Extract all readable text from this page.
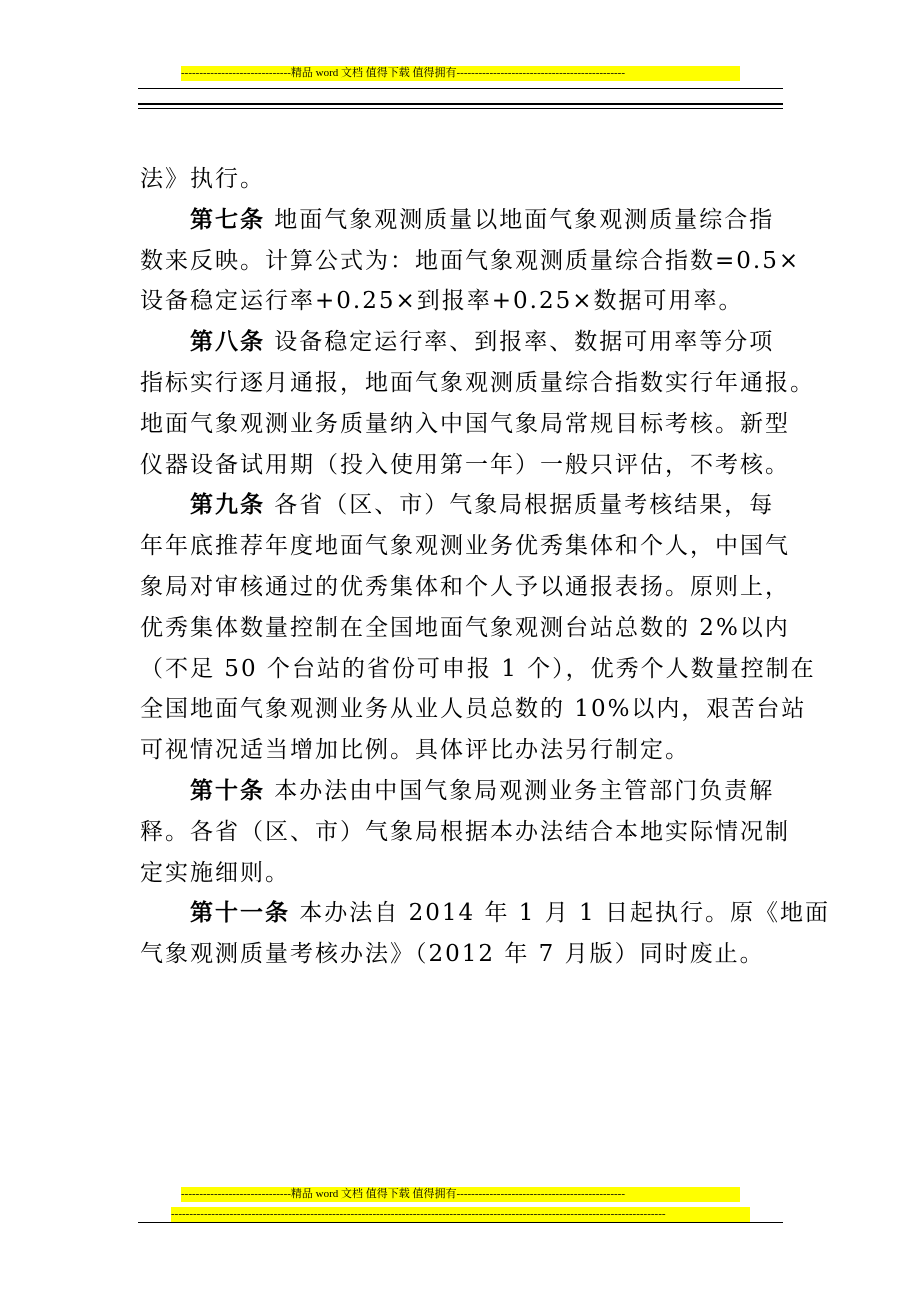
------------------------------精品 word 文档 值得下载 值得拥有----------------------------------------------
法》执行。
第七条 地面气象观测质量以地面气象观测质量综合指
数来反映。计算公式为：地面气象观测质量综合指数=0.5×
设备稳定运行率+0.25×到报率+0.25×数据可用率。
第八条 设备稳定运行率、到报率、数据可用率等分项
指标实行逐月通报，地面气象观测质量综合指数实行年通报。
地面气象观测业务质量纳入中国气象局常规目标考核。新型
仪器设备试用期（投入使用第一年）一般只评估，不考核。
第九条 各省（区、市）气象局根据质量考核结果，每
年年底推荐年度地面气象观测业务优秀集体和个人，中国气
象局对审核通过的优秀集体和个人予以通报表扬。原则上，
优秀集体数量控制在全国地面气象观测台站总数的 2%以内
（不足 50 个台站的省份可申报 1 个），优秀个人数量控制在
全国地面气象观测业务从业人员总数的 10%以内，艰苦台站
可视情况适当增加比例。具体评比办法另行制定。
第十条 本办法由中国气象局观测业务主管部门负责解
释。各省（区、市）气象局根据本办法结合本地实际情况制
定实施细则。
第十一条 本办法自 2014 年 1 月 1 日起执行。原《地面
气象观测质量考核办法》（2012 年 7 月版）同时废止。
------------------------------精品 word 文档 值得下载 值得拥有----------------------------------------------
---------------------------------------------------------------------------------------------------------------------------------------
